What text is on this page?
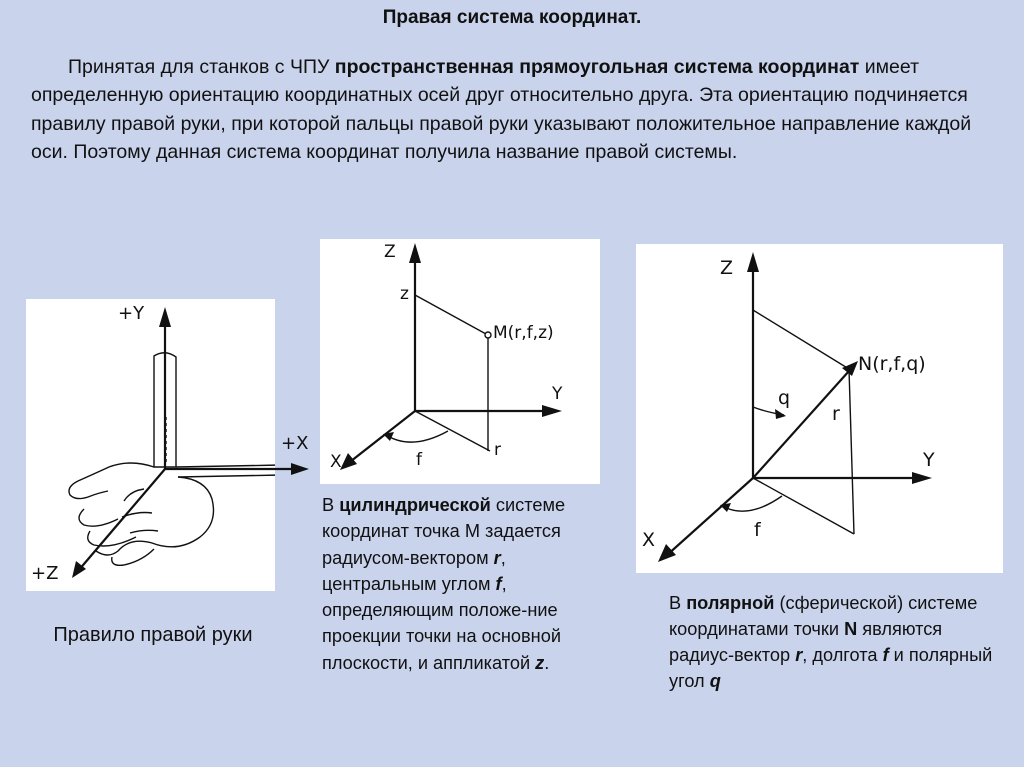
Правая система координат.
Принятая для станков с ЧПУ пространственная прямоугольная система координат имеет определенную ориентацию координатных осей друг относительно друга. Эта ориентацию подчиняется правилу правой руки, при которой пальцы правой руки указывают положительное направление каждой оси. Поэтому данная система координат получила название правой системы.
+Y
+Z
+X
Правило правой руки
Z
z
M(r,f,z)
Y
X
r
f
В цилиндрической системе координат точка М задается радиусом-вектором r, центральным углом f, определяющим положе-ние проекции точки на основной плоскости, и аппликатой z.
Z
N(r,f,q)
q
r
Y
f
X
В полярной (сферической) системе координатами точки N являются радиус-вектор r, долгота f и полярный угол q
